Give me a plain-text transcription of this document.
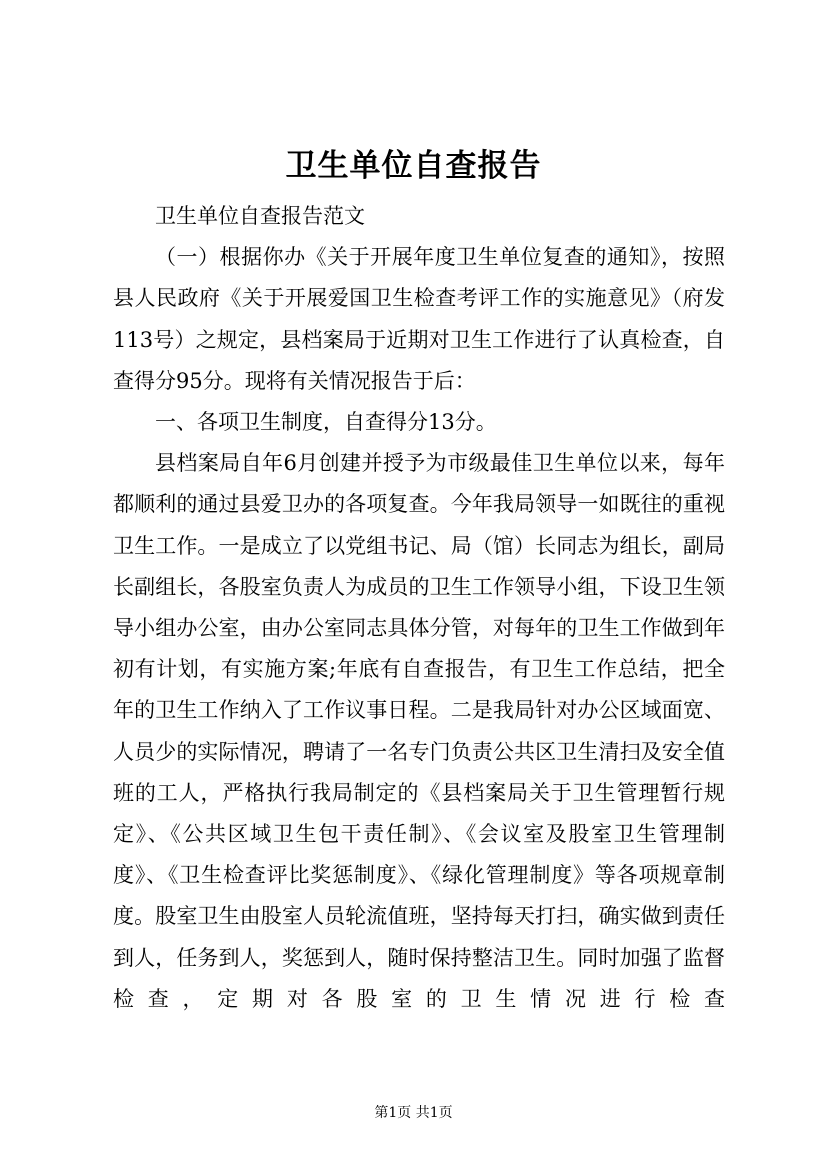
卫生单位自查报告

卫生单位自查报告范文

（一）根据你办《关于开展年度卫生单位复查的通知》，按照县人民政府《关于开展爱国卫生检查考评工作的实施意见》（府发113号）之规定，县档案局于近期对卫生工作进行了认真检查，自查得分95分。现将有关情况报告于后：

一、各项卫生制度，自查得分13分。

县档案局自年6月创建并授予为市级最佳卫生单位以来，每年都顺利的通过县爱卫办的各项复查。今年我局领导一如既往的重视卫生工作。一是成立了以党组书记、局（馆）长同志为组长，副局长副组长，各股室负责人为成员的卫生工作领导小组，下设卫生领导小组办公室，由办公室同志具体分管，对每年的卫生工作做到年初有计划，有实施方案;年底有自查报告，有卫生工作总结，把全年的卫生工作纳入了工作议事日程。二是我局针对办公区域面宽、人员少的实际情况，聘请了一名专门负责公共区卫生清扫及安全值班的工人，严格执行我局制定的《县档案局关于卫生管理暂行规定》、《公共区域卫生包干责任制》、《会议室及股室卫生管理制度》、《卫生检查评比奖惩制度》、《绿化管理制度》等各项规章制度。股室卫生由股室人员轮流值班，坚持每天打扫，确实做到责任到人，任务到人，奖惩到人，随时保持整洁卫生。同时加强了监督检查，定期对各股室的卫生情况进行检查

第1页 共1页
